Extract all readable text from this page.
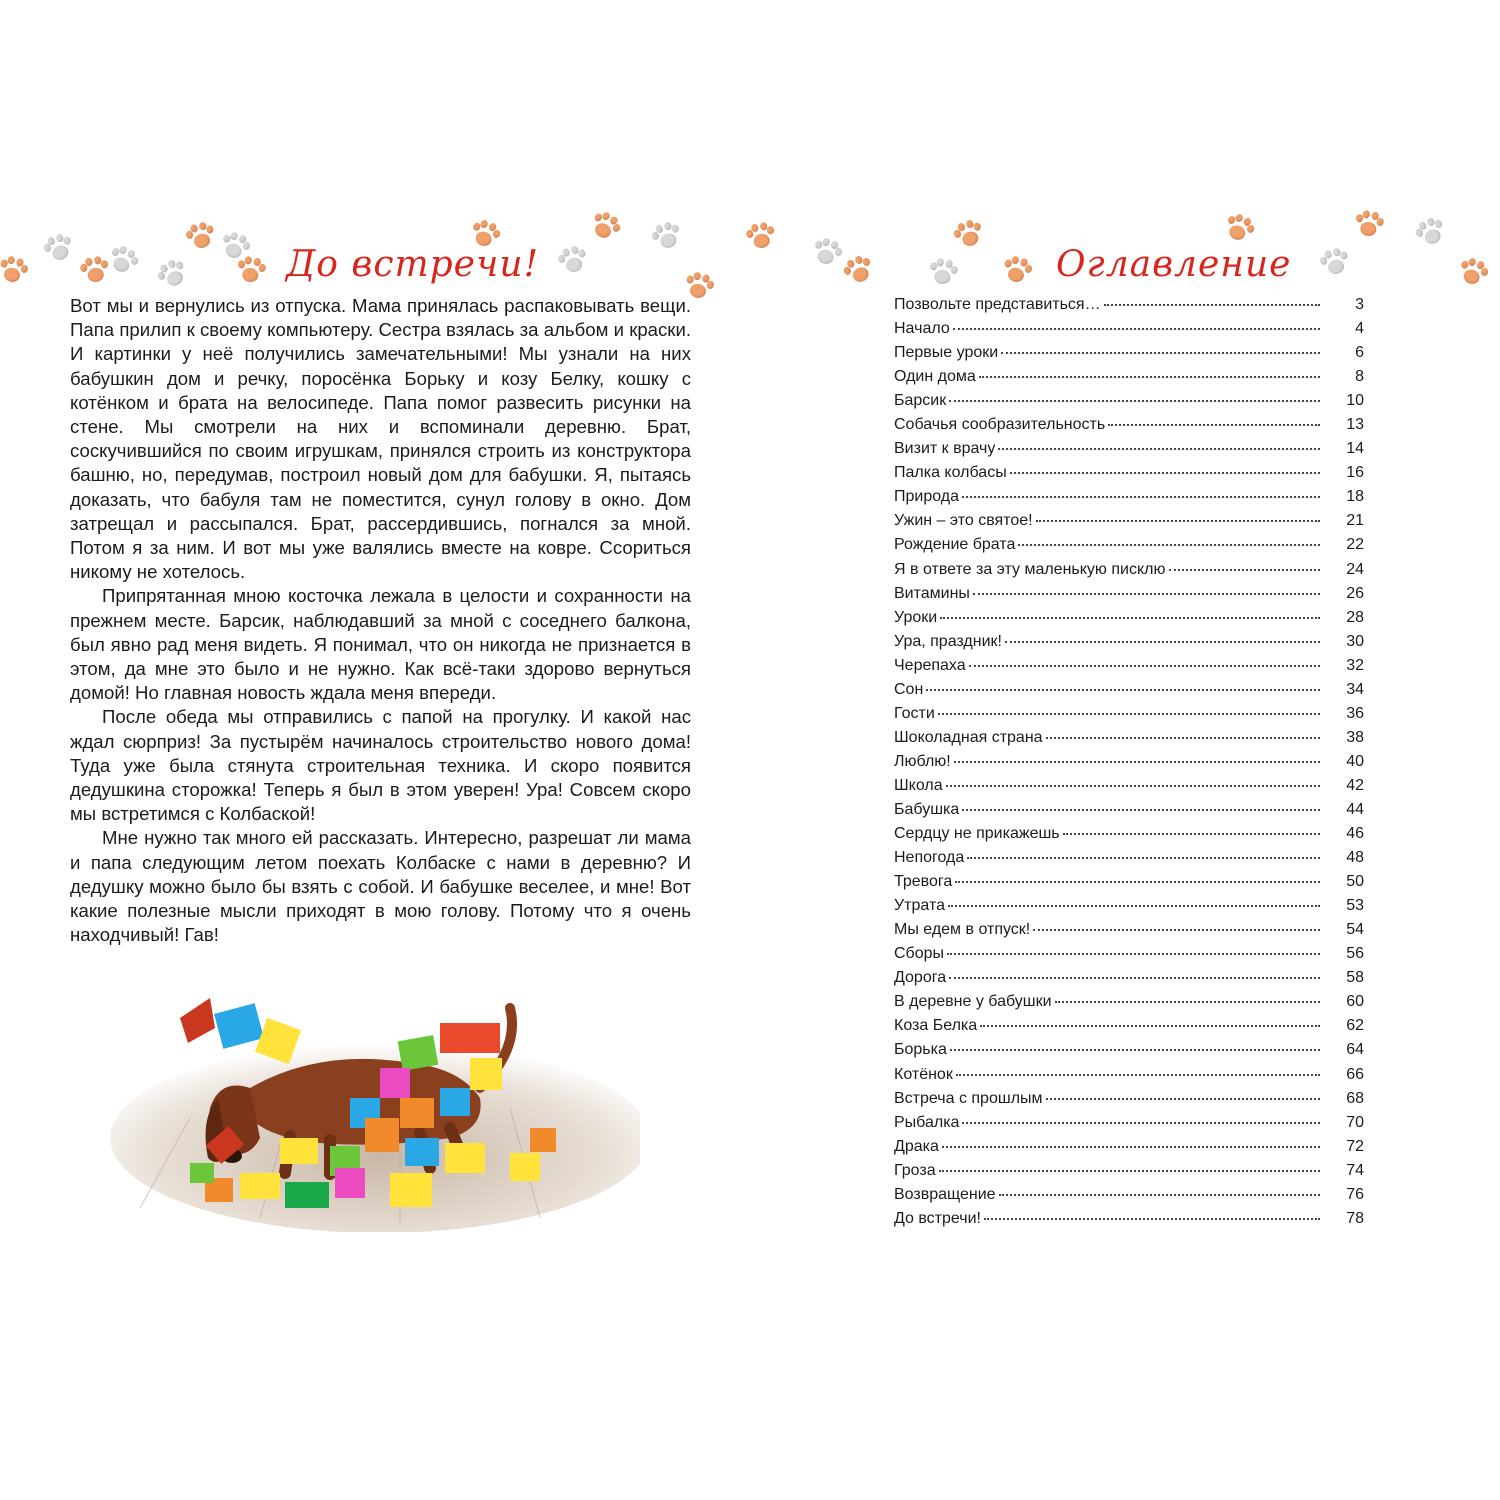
До встречи!

Вот мы и вернулись из отпуска. Мама принялась распаковывать вещи. Папа прилип к своему компьютеру. Сестра взялась за альбом и краски. И картинки у неё получились замечательными! Мы узнали на них бабушкин дом и речку, поросёнка Борьку и козу Белку, кошку с котёнком и брата на велосипеде. Папа помог развесить рисунки на стене. Мы смотрели на них и вспоминали деревню. Брат, соскучившийся по своим игрушкам, принялся строить из конструктора башню, но, передумав, построил новый дом для бабушки. Я, пытаясь доказать, что бабуля там не поместится, сунул голову в окно. Дом затрещал и рассыпался. Брат, рассердившись, погнался за мной. Потом я за ним. И вот мы уже валялись вместе на ковре. Ссориться никому не хотелось.

Припрятанная мною косточка лежала в целости и сохранности на прежнем месте. Барсик, наблюдавший за мной с соседнего балкона, был явно рад меня видеть. Я понимал, что он никогда не признается в этом, да мне это было и не нужно. Как всё-таки здорово вернуться домой! Но главная новость ждала меня впереди.

После обеда мы отправились с папой на прогулку. И какой нас ждал сюрприз! За пустырём начиналось строительство нового дома! Туда уже была стянута строительная техника. И скоро появится дедушкина сторожка! Теперь я был в этом уверен! Ура! Совсем скоро мы встретимся с Колбаской!

Мне нужно так много ей рассказать. Интересно, разрешат ли мама и папа следующим летом поехать Колбаске с нами в деревню? И дедушку можно было бы взять с собой. И бабушке веселее, и мне! Вот какие полезные мысли приходят в мою голову. Потому что я очень находчивый! Гав!

Оглавление
Позвольте представиться…	3
Начало	4
Первые уроки	6
Один дома	8
Барсик	10
Собачья сообразительность	13
Визит к врачу	14
Палка колбасы	16
Природа	18
Ужин – это святое!	21
Рождение брата	22
Я в ответе за эту маленькую писклю	24
Витамины	26
Уроки	28
Ура, праздник!	30
Черепаха	32
Сон	34
Гости	36
Шоколадная страна	38
Люблю!	40
Школа	42
Бабушка	44
Сердцу не прикажешь	46
Непогода	48
Тревога	50
Утрата	53
Мы едем в отпуск!	54
Сборы	56
Дорога	58
В деревне у бабушки	60
Коза Белка	62
Борька	64
Котёнок	66
Встреча с прошлым	68
Рыбалка	70
Драка	72
Гроза	74
Возвращение	76
До встречи!	78
